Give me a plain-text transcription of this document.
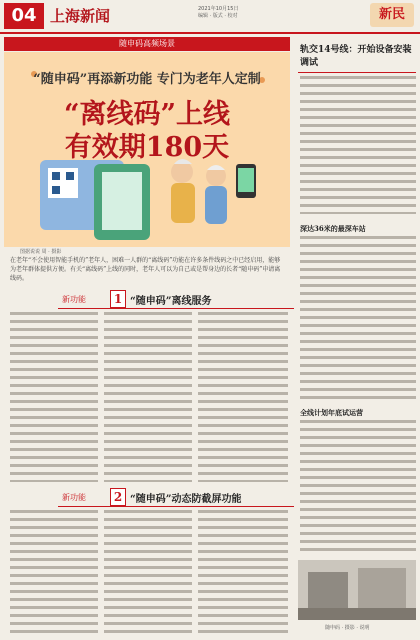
04 上海新闻	2021年10月15日
编辑 · 版式 · 校对	新民
随申码高频场景
“随申码”再添新功能 专门为老年人定制
“离线码”上线
有效期180天
图据说说 周 · 摄影
在老年“不会使用智能手机的”老年人，困难一人群的“离线码”功能在许多条件线码之中已经启用，能够为老年群体提供方便。有关“离线码”上线的同时，老年人可以为自己或是帮身边的长者“随申码”申请离线码。
新功能	1 “随申码”离线服务
新功能	2 “随申码”动态防截屏功能
轨交14号线：开始设备安装调试
深达36米的最深车站
全线计划年底试运营
随申码 · 摄影 · 说明
